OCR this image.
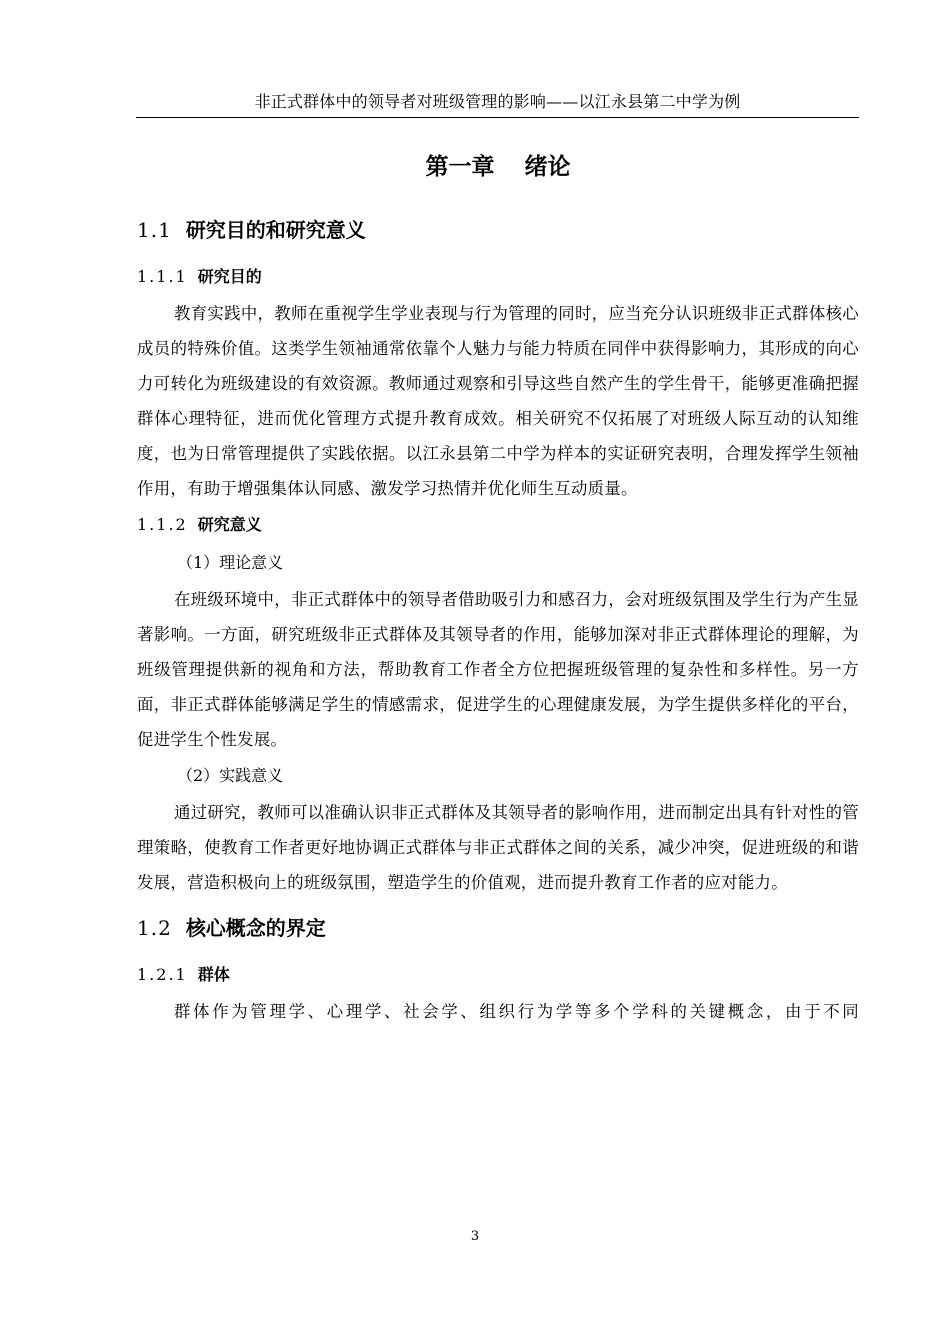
非正式群体中的领导者对班级管理的影响——以江永县第二中学为例
第一章 绪论
1.1 研究目的和研究意义
1.1.1 研究目的

教育实践中，教师在重视学生学业表现与行为管理的同时，应当充分认识班级非正式群体核心成员的特殊价值。这类学生领袖通常依靠个人魅力与能力特质在同伴中获得影响力，其形成的向心力可转化为班级建设的有效资源。教师通过观察和引导这些自然产生的学生骨干，能够更准确把握群体心理特征，进而优化管理方式提升教育成效。相关研究不仅拓展了对班级人际互动的认知维度，也为日常管理提供了实践依据。以江永县第二中学为样本的实证研究表明，合理发挥学生领袖作用，有助于增强集体认同感、激发学习热情并优化师生互动质量。

1.1.2 研究意义
（1）理论意义

在班级环境中，非正式群体中的领导者借助吸引力和感召力，会对班级氛围及学生行为产生显著影响。一方面，研究班级非正式群体及其领导者的作用，能够加深对非正式群体理论的理解，为班级管理提供新的视角和方法，帮助教育工作者全方位把握班级管理的复杂性和多样性。另一方面，非正式群体能够满足学生的情感需求，促进学生的心理健康发展，为学生提供多样化的平台，促进学生个性发展。

（2）实践意义

通过研究，教师可以准确认识非正式群体及其领导者的影响作用，进而制定出具有针对性的管理策略，使教育工作者更好地协调正式群体与非正式群体之间的关系，减少冲突，促进班级的和谐发展，营造积极向上的班级氛围，塑造学生的价值观，进而提升教育工作者的应对能力。

1.2 核心概念的界定
1.2.1 群体

群体作为管理学、心理学、社会学、组织行为学等多个学科的关键概念，由于不同

3
